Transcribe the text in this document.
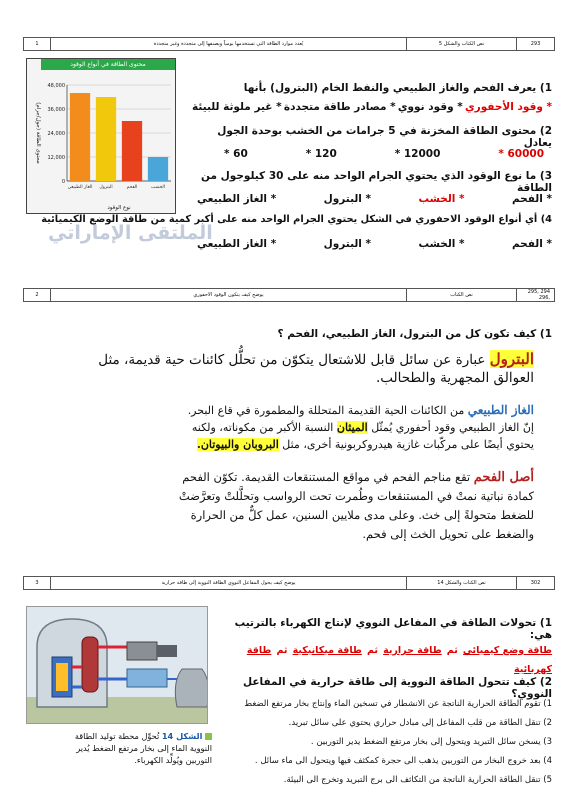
293
نص الكتاب والشكل 5
يُعدد موارد الطاقة التي تستخدمها يومياً ويصنفها إلى متجددة وغير متجددة
1
محتوى الطاقة في أنواع الوقود
48,000
36,000
24,000
12,000
0
الغاز الطبيعي البترول	الفحم	الخشب
نوع الوقود
محتوى الطاقة (جول/جرام)
1) يعرف الفحم والغاز الطبيعي والنفط الخام (البترول) بأنها
* وقود الأحفوري
* وقود نووي
* مصادر طاقة متجددة
* غير ملوثة للبيئة
2) محتوى الطاقة المخزنة في 5 جرامات من الخشب بوحدة الجول يعادل
60000 *
12000 *
120 *
60 *
3) ما نوع الوقود الذي يحتوي الجرام الواحد منه على 30 كيلوجول من الطاقة
* الفحم
* الخشب
* البترول
* الغاز الطبيعي
4) أي أنواع الوقود الاحفوري في الشكل يحتوي الجرام الواحد منه على أكبر كمية من طاقة الوضع الكيميائية
* الفحم
* الخشب
* البترول
* الغاز الطبيعي
الملتقى الإماراتي
294 ,295 ,296
نص الكتاب
يوضح كيف يتكون الوقود الاحفوري
2
1) كيف تكون كل من البترول، الغاز الطبيعي، الفحم ؟
البترول عبارة عن سائل قابل للاشتعال يتكوّن من تحلُّل كائنات حية قديمة، مثل العوالق المجهرية والطحالب.
الغاز الطبيعي من الكائنات الحية القديمة المتحللة والمطمورة في قاع البحر.
إنّ الغاز الطبيعي وقود أحفوري يُمثّل الميثان النسبة الأكبر من مكوناته، ولكنه
يحتوي أيضًا على مركّبات غازية هيدروكربونية أخرى، مثل البروبان والبيوتان.
أصل الفحم تقع مناجم الفحم في مواقع المستنقعات القديمة. تكوّن الفحم
كمادة نباتية نمتْ في المستنقعات وطُمرت تحت الرواسب وتحلَّلتْ وتعرَّضتْ
للضغط متحولةً إلى خث. وعلى مدى ملايين السنين، عمل كلٌّ من الحرارة
والضغط على تحويل الخث إلى فحم.
302
نص الكتاب والشكل 14
يوضح كيف يحول المفاعل النووي الطاقة النووية إلى طاقة حرارية
3
الشكل 14 تُحوِّل محطة توليد الطاقة
النووية الماء إلى بخار مرتفع الضغط يُدير
التوربين ويُولِّد الكهرباء.
1) تحولات الطاقة في المفاعل النووي لإنتاج الكهرباء بالترتيب هي:
طاقة وضع كيميائي ثم طاقة حرارية ثم طاقة ميكانيكية ثم طاقة كهربائية
2) كيف تتحول الطاقة النووية إلى طاقة حرارية في المفاعل النووي؟
1) تقوم الطاقة الحرارية الناتجة عن الانشطار في تسخين الماء وإنتاج بخار مرتفع الضغط
2) تنقل الطاقة من قلب المفاعل إلى مبادل حراري يحتوي على سائل تبريد.
3) يسخن سائل التبريد ويتحول إلى بخار مرتفع الضغط يدير التوربين .
4) بعد خروج البخار من التوربين يذهب الى حجرة كمكثف فيها ويتحول الى ماء سائل .
5) تنقل الطاقة الحرارية الناتجة من التكاثف الى برج التبريد وتخرج الى البيئة.
